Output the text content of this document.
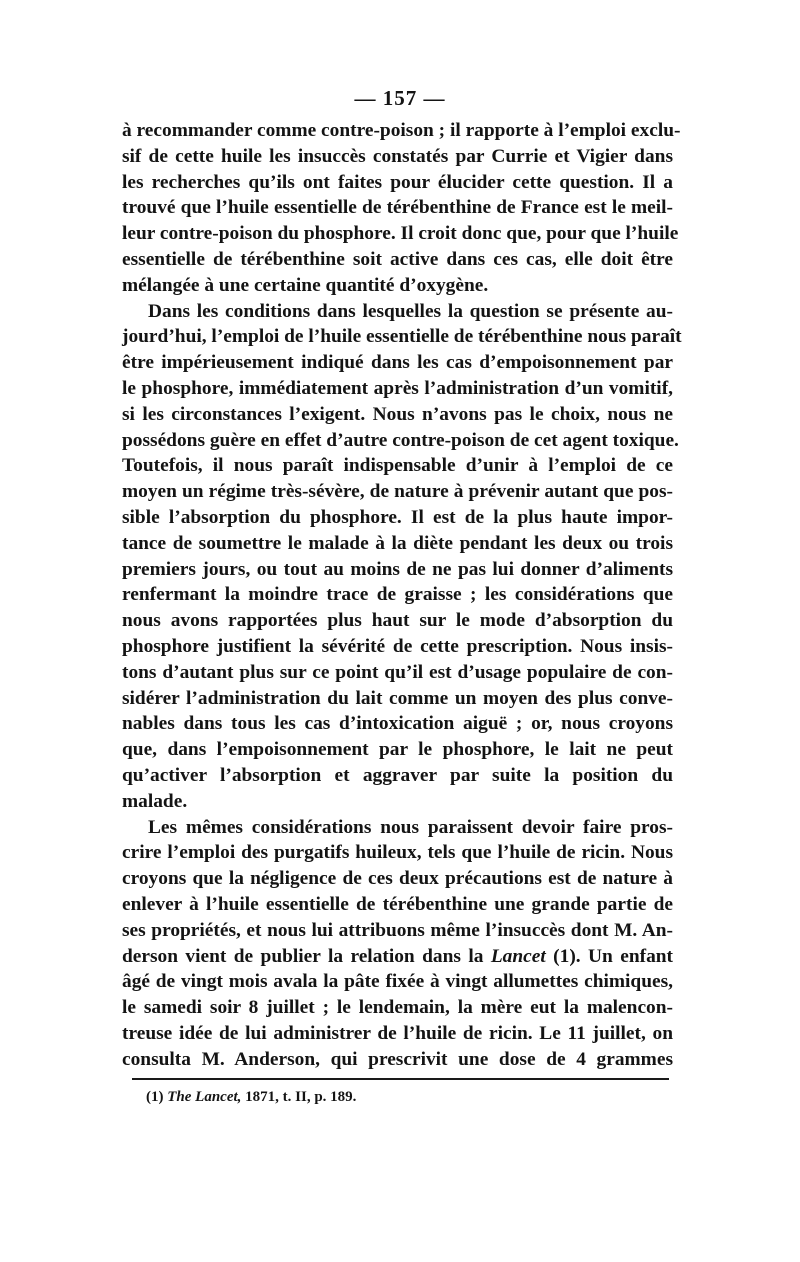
— 157 —
à recommander comme contre-poison ; il rapporte à l’emploi exclu-
sif de cette huile les insuccès constatés par Currie et Vigier dans
les recherches qu’ils ont faites pour élucider cette question. Il a
trouvé que l’huile essentielle de térébenthine de France est le meil-
leur contre-poison du phosphore. Il croit donc que, pour que l’huile
essentielle de térébenthine soit active dans ces cas, elle doit être
mélangée à une certaine quantité d’oxygène.
Dans les conditions dans lesquelles la question se présente au-
jourd’hui, l’emploi de l’huile essentielle de térébenthine nous paraît
être impérieusement indiqué dans les cas d’empoisonnement par
le phosphore, immédiatement après l’administration d’un vomitif,
si les circonstances l’exigent. Nous n’avons pas le choix, nous ne
possédons guère en effet d’autre contre-poison de cet agent toxique.
Toutefois, il nous paraît indispensable d’unir à l’emploi de ce
moyen un régime très-sévère, de nature à prévenir autant que pos-
sible l’absorption du phosphore. Il est de la plus haute impor-
tance de soumettre le malade à la diète pendant les deux ou trois
premiers jours, ou tout au moins de ne pas lui donner d’aliments
renfermant la moindre trace de graisse ; les considérations que
nous avons rapportées plus haut sur le mode d’absorption du
phosphore justifient la sévérité de cette prescription. Nous insis-
tons d’autant plus sur ce point qu’il est d’usage populaire de con-
sidérer l’administration du lait comme un moyen des plus conve-
nables dans tous les cas d’intoxication aiguë ; or, nous croyons
que, dans l’empoisonnement par le phosphore, le lait ne peut
qu’activer l’absorption et aggraver par suite la position du
malade.
Les mêmes considérations nous paraissent devoir faire pros-
crire l’emploi des purgatifs huileux, tels que l’huile de ricin. Nous
croyons que la négligence de ces deux précautions est de nature à
enlever à l’huile essentielle de térébenthine une grande partie de
ses propriétés, et nous lui attribuons même l’insuccès dont M. An-
derson vient de publier la relation dans la Lancet (1). Un enfant
âgé de vingt mois avala la pâte fixée à vingt allumettes chimiques,
le samedi soir 8 juillet ; le lendemain, la mère eut la malencon-
treuse idée de lui administrer de l’huile de ricin. Le 11 juillet, on
consulta M. Anderson, qui prescrivit une dose de 4 grammes
(1) The Lancet, 1871, t. II, p. 189.
